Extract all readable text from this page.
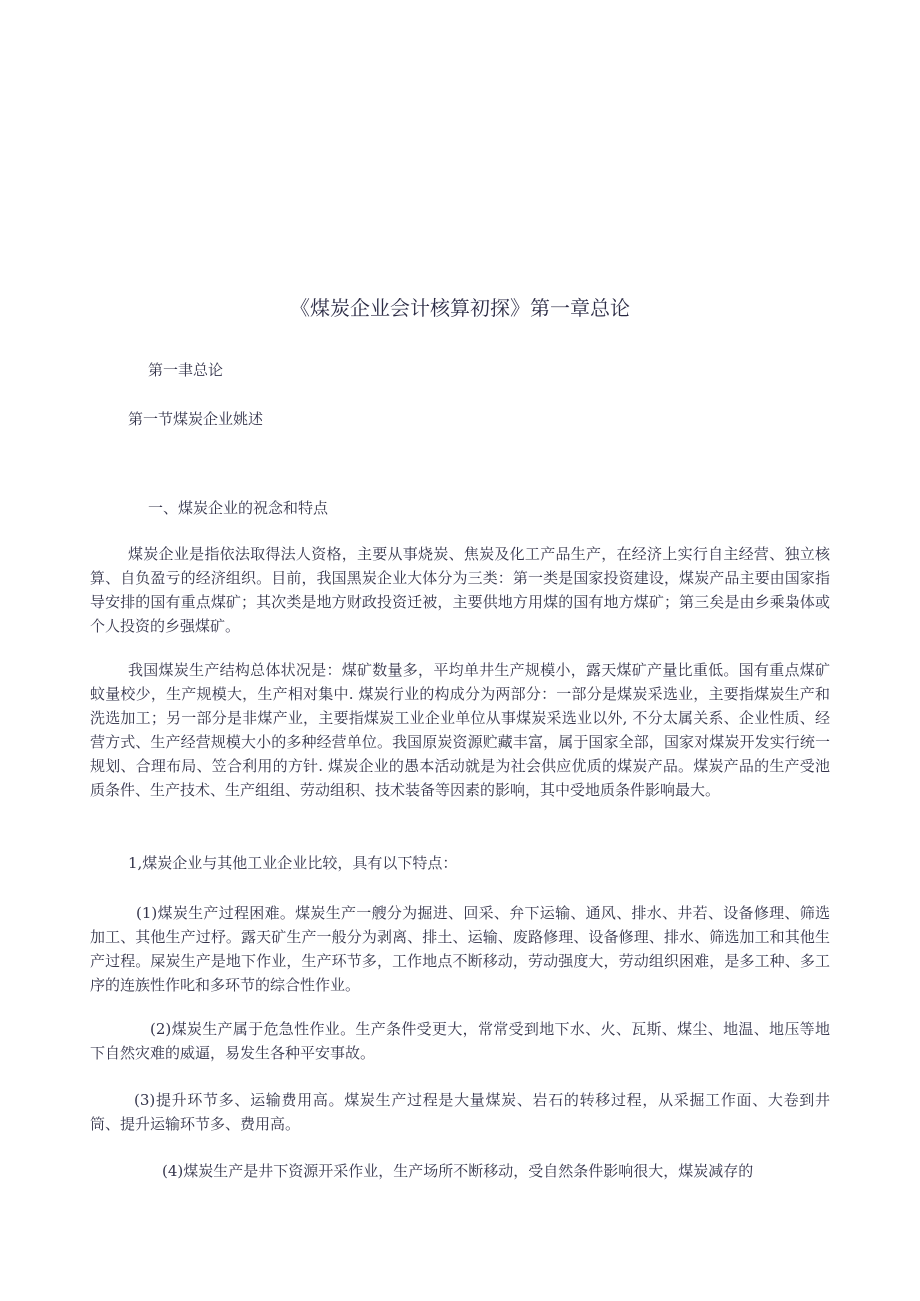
《煤炭企业会计核算初探》第一章总论
第一聿总论
第一节煤炭企业姚述
一、煤炭企业的祝念和特点
煤炭企业是指依法取得法人资格，主要从事烧炭、焦炭及化工产品生产，在经济上实行自主经营、独立核算、自负盈亏的经济组织。目前，我国黑炭企业大体分为三类：第一类是国家投资建设，煤炭产品主要由国家指导安排的国有重点煤矿；其次类是地方财政投资迁被，主要供地方用煤的国有地方煤矿；第三矣是由乡乘枭体或个人投资的乡强煤矿。
我国煤炭生产结构总体状况是：煤矿数量多，平均单井生产规模小，露天煤矿产量比重低。国有重点煤矿蚊量校少，生产规模大，生产相对集中. 煤炭行业的构成分为两部分：一部分是煤炭采选业，主要指煤炭生产和洗选加工；另一部分是非煤产业，主要指煤炭工业企业单位从事煤炭采选业以外, 不分太属关系、企业性质、经营方式、生产经营规模大小的多种经营单位。我国原炭资源贮藏丰富，属于国家全部，国家对煤炭开发实行统一规划、合理布局、笠合利用的方针. 煤炭企业的愚本活动就是为社会供应优质的煤炭产品。煤炭产品的生产受池质条件、生产技术、生产组组、劳动组积、技术装备等因素的影响，其中受地质条件影响最大。
1,煤炭企业与其他工业企业比较，具有以下特点：
(1)煤炭生产过程困难。煤炭生产一艘分为掘进、回采、弁下运输、通风、排水、井若、设备修理、筛选加工、其他生产过杼。露天矿生产一般分为剥离、排土、运输、废路修理、设备修理、排水、筛选加工和其他生产过程。屎炭生产是地下作业，生产环节多，工作地点不断移动，劳动强度大，劳动组织困难，是多工种、多工序的连族性作叱和多环节的综合性作业。
(2)煤炭生产属于危急性作业。生产条件受更大，常常受到地下水、火、瓦斯、煤尘、地温、地压等地下自然灾难的威逼，易发生各种平安事故。
(3)提升环节多、运输费用高。煤炭生产过程是大量煤炭、岩石的转移过程，从采掘工作面、大卷到井筒、提升运输环节多、费用高。
(4)煤炭生产是井下资源开采作业，生产场所不断移动，受自然条件影响很大，煤炭减存的
